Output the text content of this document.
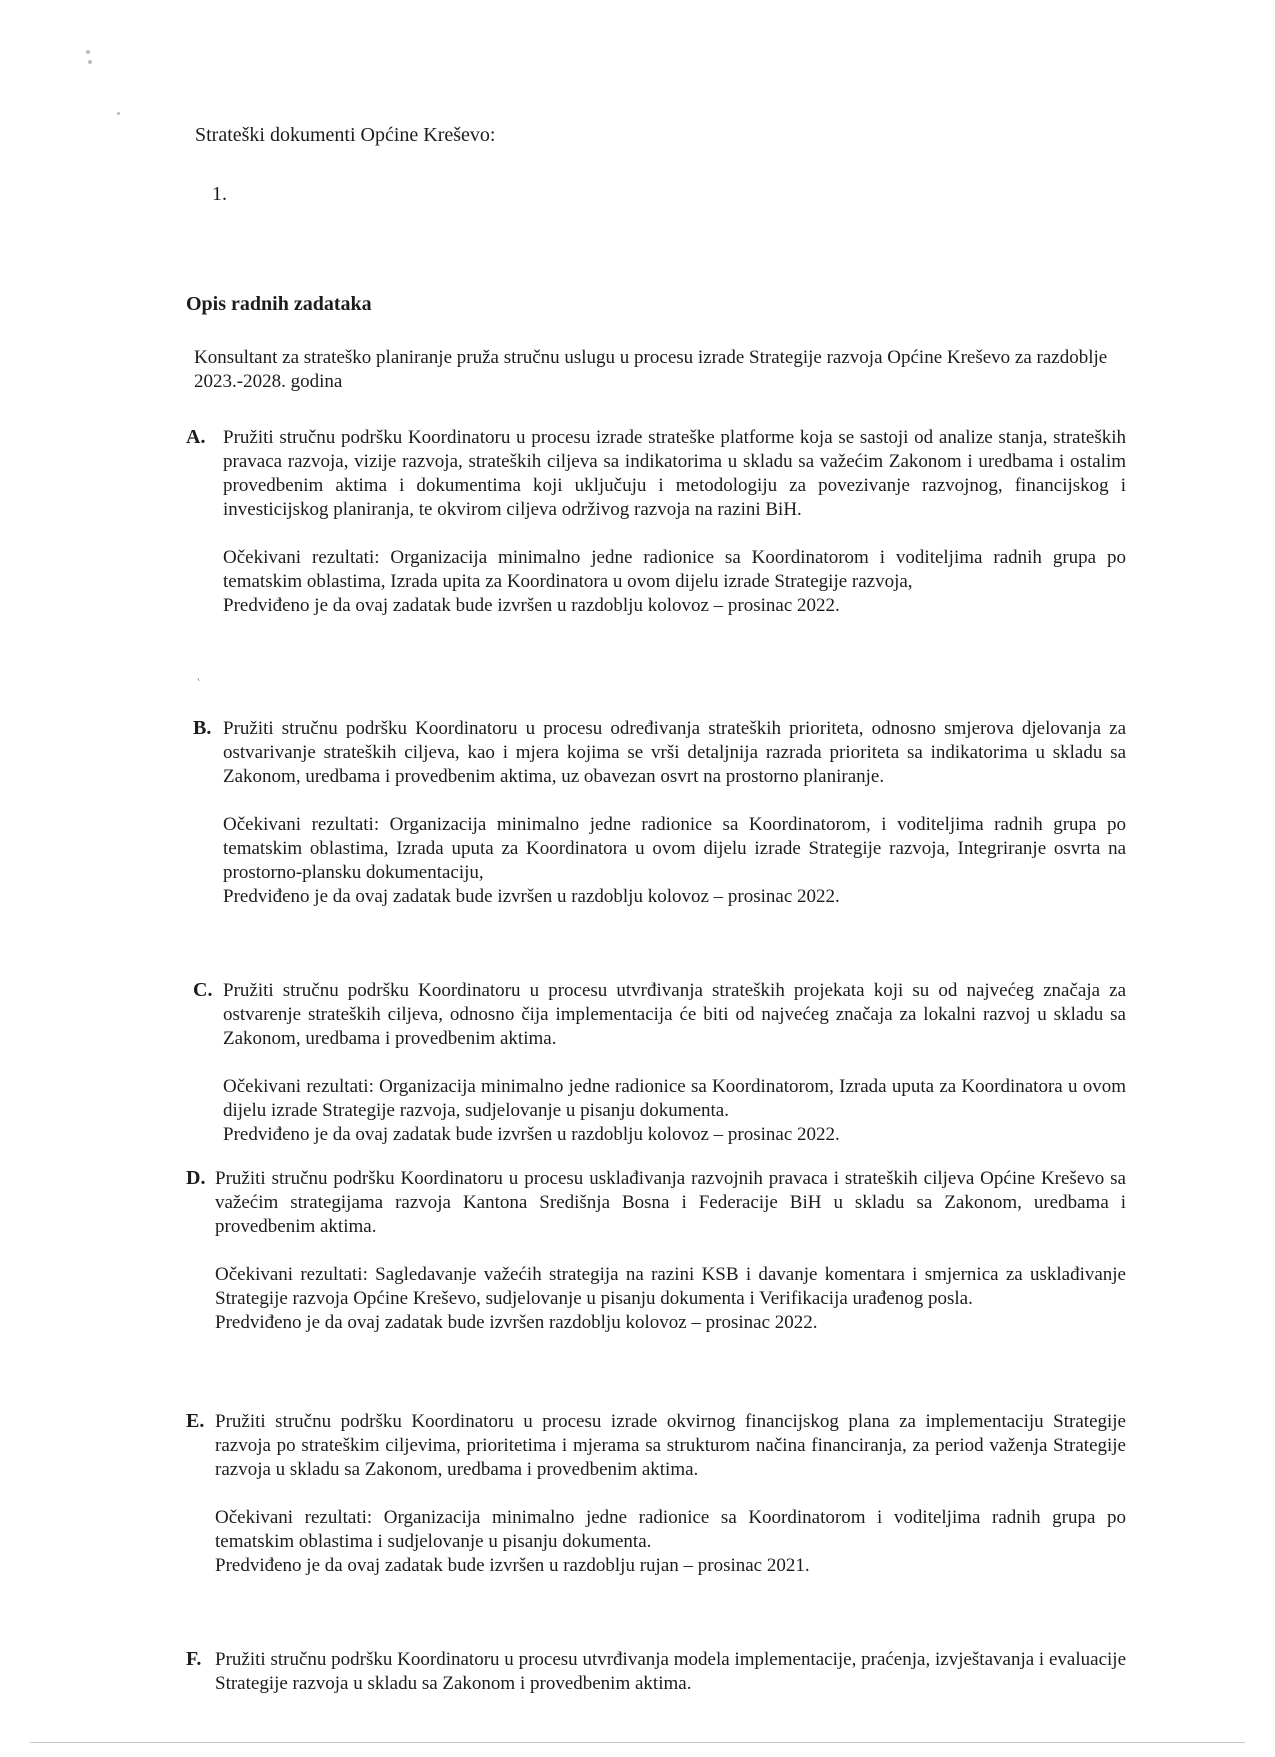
Strateški dokumenti Općine Kreševo:
1.
Opis radnih zadataka
Konsultant za strateško planiranje pruža stručnu uslugu u procesu izrade Strategije razvoja Općine Kreševo za razdoblje 2023.-2028. godina
A. Pružiti stručnu podršku Koordinatoru u procesu izrade strateške platforme koja se sastoji od analize stanja, strateških pravaca razvoja, vizije razvoja, strateških ciljeva sa indikatorima u skladu sa važećim Zakonom i uredbama i ostalim provedbenim aktima i dokumentima koji uključuju i metodologiju za povezivanje razvojnog, financijskog i investicijskog planiranja, te okvirom ciljeva održivog razvoja na razini BiH.
Očekivani rezultati: Organizacija minimalno jedne radionice sa Koordinatorom i voditeljima radnih grupa po tematskim oblastima, Izrada upita za Koordinatora u ovom dijelu izrade Strategije razvoja,
Predviđeno je da ovaj zadatak bude izvršen u razdoblju kolovoz – prosinac 2022.
˛
B. Pružiti stručnu podršku Koordinatoru u procesu određivanja strateških prioriteta, odnosno smjerova djelovanja za ostvarivanje strateških ciljeva, kao i mjera kojima se vrši detaljnija razrada prioriteta sa indikatorima u skladu sa Zakonom, uredbama i provedbenim aktima, uz obavezan osvrt na prostorno planiranje.
Očekivani rezultati: Organizacija minimalno jedne radionice sa Koordinatorom, i voditeljima radnih grupa po tematskim oblastima, Izrada uputa za Koordinatora u ovom dijelu izrade Strategije razvoja, Integriranje osvrta na prostorno-plansku dokumentaciju,
Predviđeno je da ovaj zadatak bude izvršen u razdoblju kolovoz – prosinac 2022.
C. Pružiti stručnu podršku Koordinatoru u procesu utvrđivanja strateških projekata koji su od najvećeg značaja za ostvarenje strateških ciljeva, odnosno čija implementacija će biti od najvećeg značaja za lokalni razvoj u skladu sa Zakonom, uredbama i provedbenim aktima.
Očekivani rezultati: Organizacija minimalno jedne radionice sa Koordinatorom, Izrada uputa za Koordinatora u ovom dijelu izrade Strategije razvoja, sudjelovanje u pisanju dokumenta.
Predviđeno je da ovaj zadatak bude izvršen u razdoblju kolovoz – prosinac 2022.
D. Pružiti stručnu podršku Koordinatoru u procesu usklađivanja razvojnih pravaca i strateških ciljeva Općine Kreševo sa važećim strategijama razvoja Kantona Središnja Bosna i Federacije BiH u skladu sa Zakonom, uredbama i provedbenim aktima.
Očekivani rezultati: Sagledavanje važećih strategija na razini KSB i davanje komentara i smjernica za usklađivanje Strategije razvoja Općine Kreševo, sudjelovanje u pisanju dokumenta i Verifikacija urađenog posla.
Predviđeno je da ovaj zadatak bude izvršen razdoblju kolovoz – prosinac 2022.
E. Pružiti stručnu podršku Koordinatoru u procesu izrade okvirnog financijskog plana za implementaciju Strategije razvoja po strateškim ciljevima, prioritetima i mjerama sa strukturom načina financiranja, za period važenja Strategije razvoja u skladu sa Zakonom, uredbama i provedbenim aktima.
Očekivani rezultati: Organizacija minimalno jedne radionice sa Koordinatorom i voditeljima radnih grupa po tematskim oblastima i sudjelovanje u pisanju dokumenta.
Predviđeno je da ovaj zadatak bude izvršen u razdoblju rujan – prosinac 2021.
F. Pružiti stručnu podršku Koordinatoru u procesu utvrđivanja modela implementacije, praćenja, izvještavanja i evaluacije Strategije razvoja u skladu sa Zakonom i provedbenim aktima.
